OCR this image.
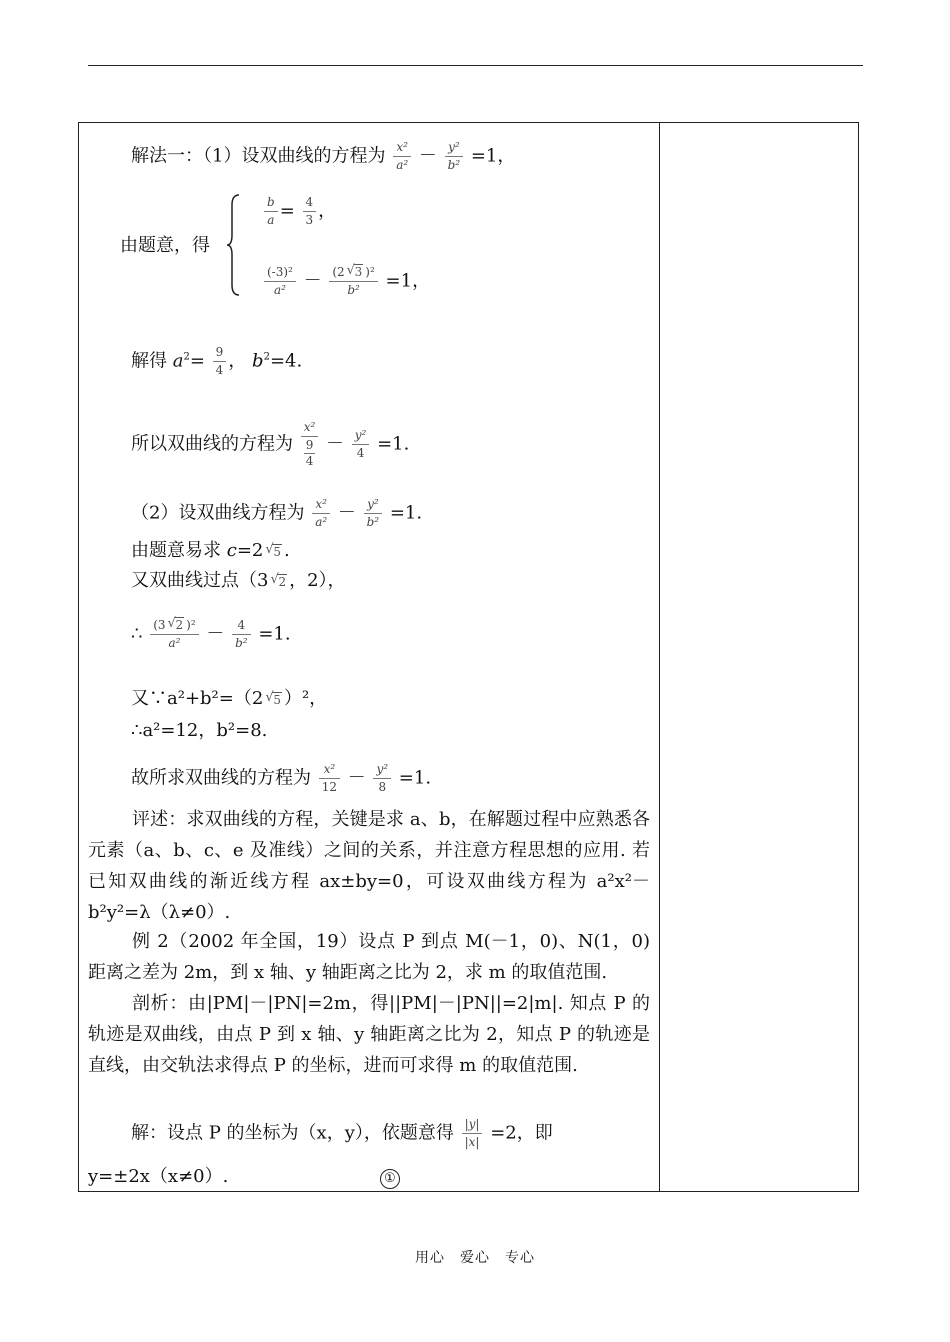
解法一：（1）设双曲线的方程为 $\frac{\text{x²}}{\text{a²}} - \frac{\text{y²}}{\text{b²}} =1$，
由题意，得
$\frac{b}{a} = \frac{4}{3}$ ，
$\frac{\text{(-3)²}}{\text{a²}} - \frac{\text{(2 √ 3 )²}}{\text{b²}} =1$，
解得 $a^2= \frac{9}{4}$ ， $b^2=4$.
所以双曲线的方程为 x²
9
$4 - \frac{\text{y²}}{4} =1$.
（2）设双曲线方程为 $\frac{\text{x²}}{\text{a²}} - \frac{\text{y²}}{\text{b²}} =1$.
由题意易求 c=2 √ 5 .
又双曲线过点（3 √ 2 ，2），
∴ $\frac{\text{(3 √ 2 )²}}{\text{a²}} - \frac{4}{\text{b²}} =1$.
又∵a²+b²=（2 √ 5 ）²，
∴a²=12，b²=8.
故所求双曲线的方程为 $\frac{\text{x²}}{12} - \frac{\text{y²}}{8} =1$.
评述：求双曲线的方程，关键是求 a、b，在解题过程中应熟悉各元素（a、b、c、e 及准线）之间的关系，并注意方程思想的应用. 若已知双曲线的渐近线方程 ax±by=0，可设双曲线方程为 a²x²－b²y²=λ（λ≠0）.
例 2（2002 年全国，19）设点 P 到点 M(－1，0)、N(1，0) 距离之差为 2m，到 x 轴、y 轴距离之比为 2，求 m 的取值范围.
剖析：由|PM|－|PN|=2m，得||PM|－|PN||=2|m|. 知点 P 的轨迹是双曲线，由点 P 到 x 轴、y 轴距离之比为 2，知点 P 的轨迹是直线，由交轨法求得点 P 的坐标，进而可求得 m 的取值范围.
解：设点 P 的坐标为（x，y），依题意得 $\frac{|y|}{|x|} =2$，即
y=±2x（x≠0）.	①
用心　爱心　专心
